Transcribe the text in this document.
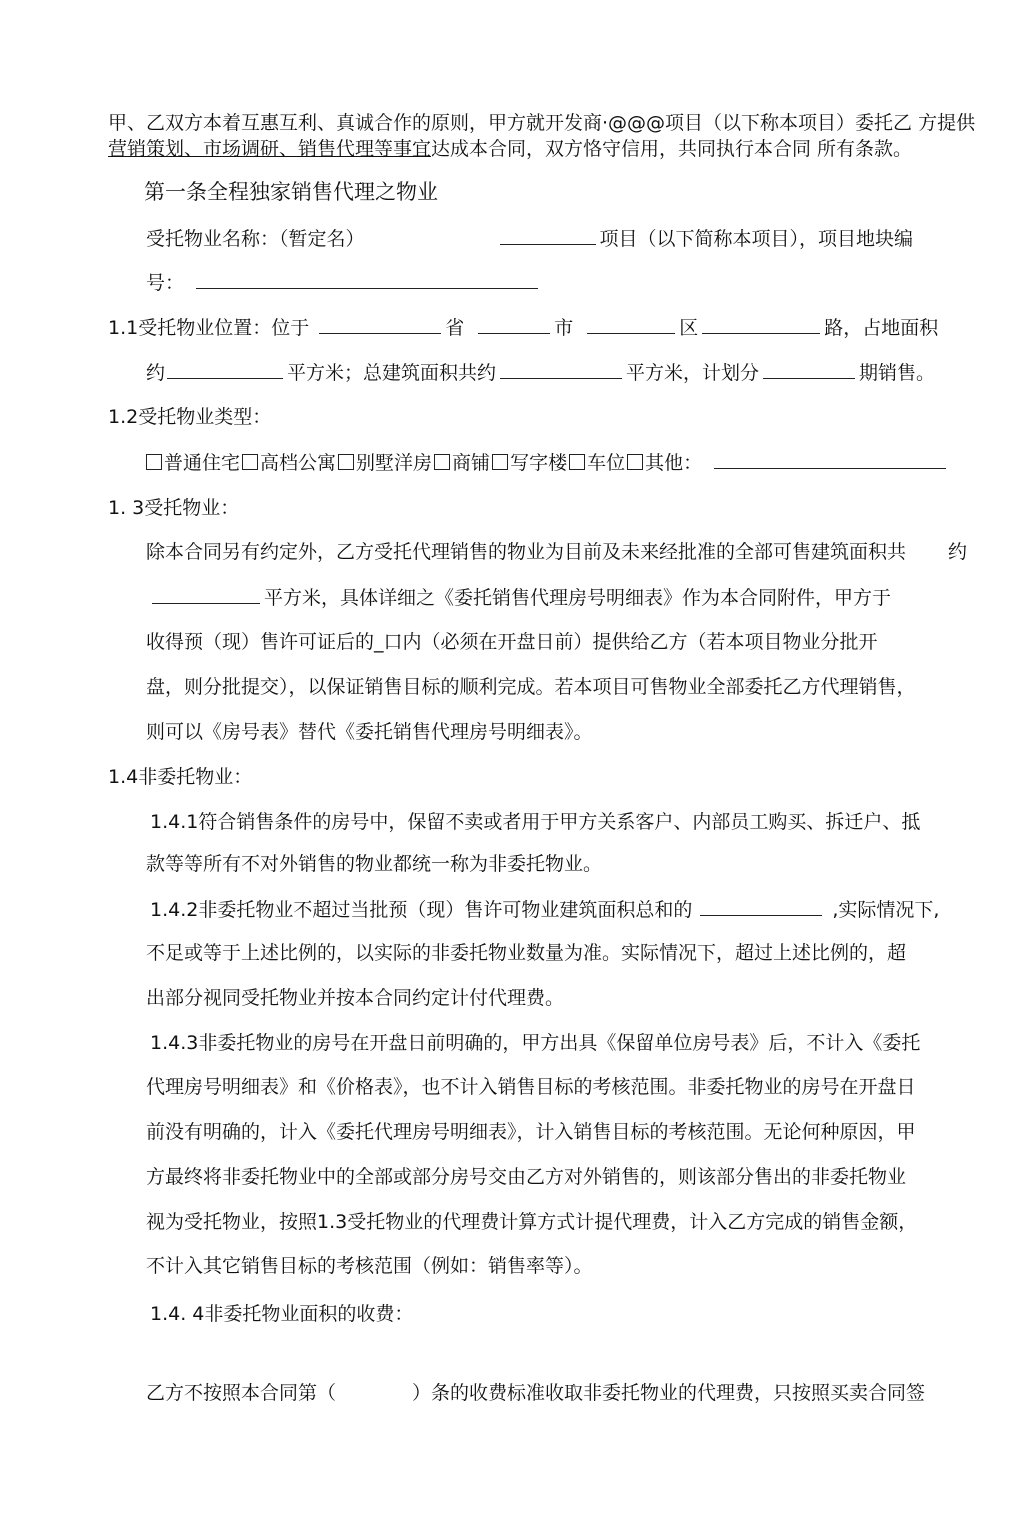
甲、乙双方本着互惠互利、真诚合作的原则，甲方就开发商·@@@项目（以下称本项目）委托乙 方提供
营销策划、市场调研、销售代理等事宜达成本合同，双方恪守信用，共同执行本合同 所有条款。
第一条全程独家销售代理之物业
受托物业名称：（暂定名）	项目（以下简称本项目），项目地块编
号：
1.1受托物业位置：位于	省	市	区	路，占地面积
约	平方米；总建筑面积共约	平方米，计划分	期销售。
1.2受托物业类型：
普通住宅 高档公寓 别墅洋房 商铺 写字楼 车位 其他：
1. 3受托物业：
除本合同另有约定外，乙方受托代理销售的物业为目前及未来经批准的全部可售建筑面积共 约
平方米，具体详细之《委托销售代理房号明细表》作为本合同附件，甲方于
收得预（现）售许可证后的_口内（必须在开盘日前）提供给乙方（若本项目物业分批开
盘，则分批提交），以保证销售目标的顺利完成。若本项目可售物业全部委托乙方代理销售，
则可以《房号表》替代《委托销售代理房号明细表》。
1.4非委托物业：
1.4.1符合销售条件的房号中，保留不卖或者用于甲方关系客户、内部员工购买、拆迁户、抵
款等等所有不对外销售的物业都统一称为非委托物业。
1.4.2非委托物业不超过当批预（现）售许可物业建筑面积总和的	,实际情况下,
不足或等于上述比例的，以实际的非委托物业数量为准。实际情况下，超过上述比例的，超
出部分视同受托物业并按本合同约定计付代理费。
1.4.3非委托物业的房号在开盘日前明确的，甲方出具《保留单位房号表》后，不计入《委托
代理房号明细表》和《价格表》，也不计入销售目标的考核范围。非委托物业的房号在开盘日
前没有明确的，计入《委托代理房号明细表》，计入销售目标的考核范围。无论何种原因，甲
方最终将非委托物业中的全部或部分房号交由乙方对外销售的，则该部分售出的非委托物业
视为受托物业，按照1.3受托物业的代理费计算方式计提代理费，计入乙方完成的销售金额，
不计入其它销售目标的考核范围（例如：销售率等）。
1.4. 4非委托物业面积的收费：
乙方不按照本合同第（	）条的收费标准收取非委托物业的代理费，只按照买卖合同签
